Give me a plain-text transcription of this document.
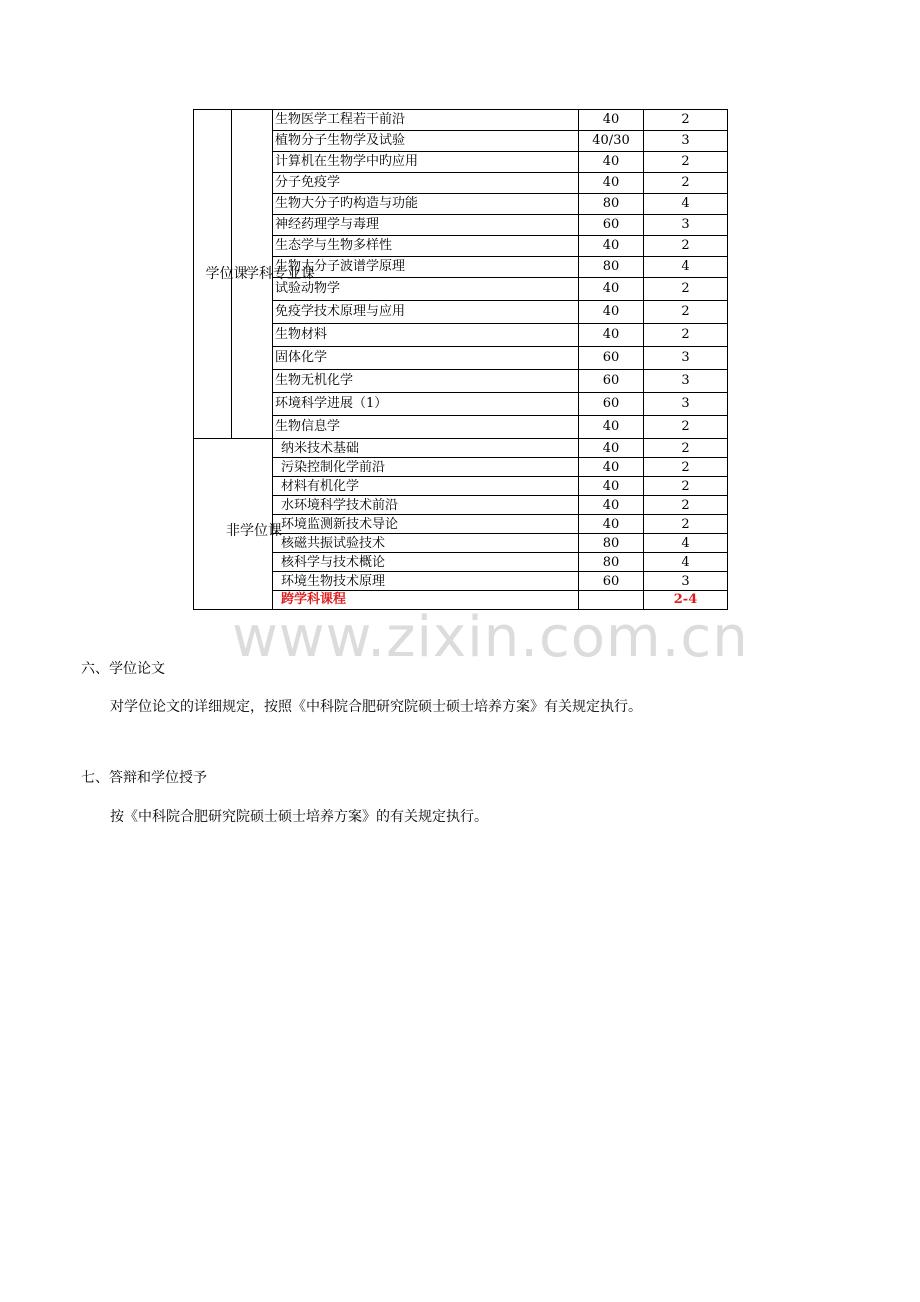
学位课	学科专业课	生物医学工程若干前沿	40	2
		植物分子生物学及试验	40/30	3
		计算机在生物学中旳应用	40	2
		分子免疫学	40	2
		生物大分子旳构造与功能	80	4
		神经药理学与毒理	60	3
		生态学与生物多样性	40	2
		生物大分子波谱学原理	80	4
		试验动物学	40	2
		免疫学技术原理与应用	40	2
		生物材料	40	2
		固体化学	60	3
		生物无机化学	60	3
		环境科学进展（1）	60	3
		生物信息学	40	2

非学位课		纳米技术基础	40	2
		污染控制化学前沿	40	2
		材料有机化学	40	2
		水环境科学技术前沿	40	2
		环境监测新技术导论	40	2
		核磁共振试验技术	80	4
		核科学与技术概论	80	4
		环境生物技术原理	60	3
		跨学科课程		2-4
www.zixin.com.cn
六、学位论文
对学位论文的详细规定，按照《中科院合肥研究院硕士硕士培养方案》有关规定执行。
七、答辩和学位授予
按《中科院合肥研究院硕士硕士培养方案》的有关规定执行。
